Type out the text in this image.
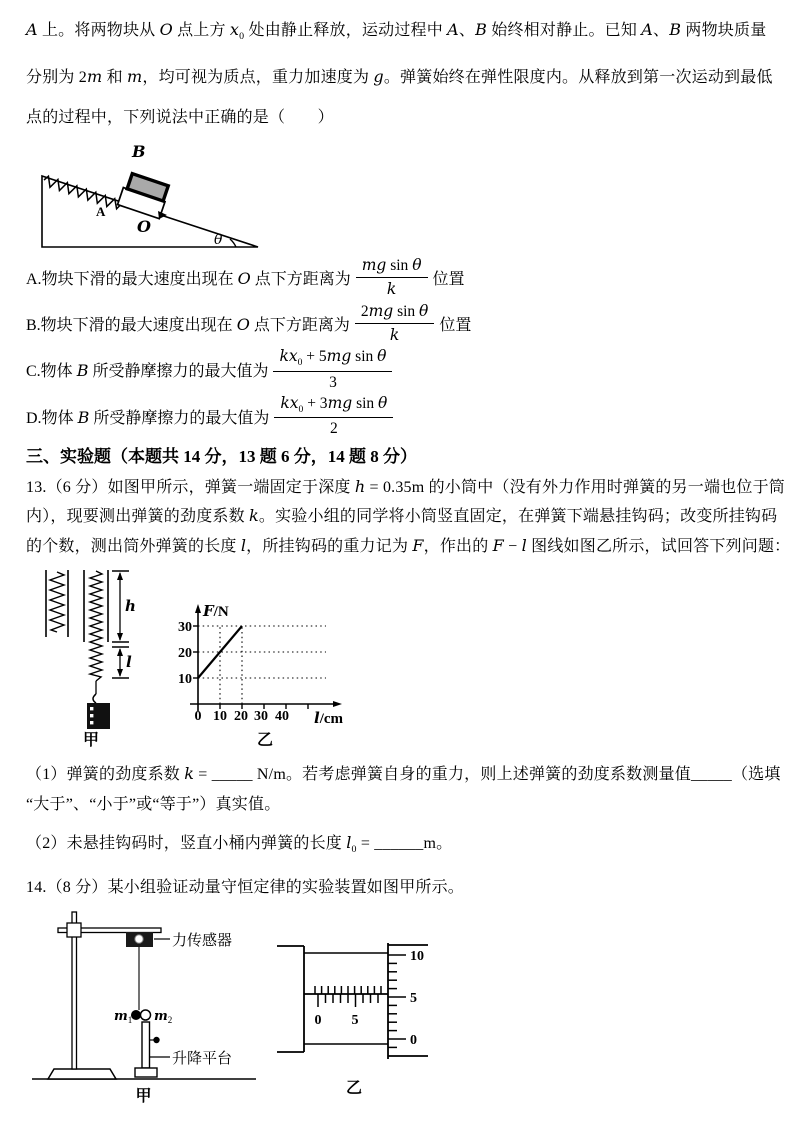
A 上。将两物块从 O 点上方 $x_0$ 处由静止释放，运动过程中 A、B 始终相对静止。已知 A、B 两物块质量
分别为 2m 和 m，均可视为质点，重力加速度为 g。弹簧始终在弹性限度内。从释放到第一次运动到最低
点的过程中，下列说法中正确的是（　　）
B
A
O
θ
A.物块下滑的最大速度出现在 O 点下方距离为 $\frac{\text{mg sin θ}}{k}$ 位置
B.物块下滑的最大速度出现在 O 点下方距离为 $\frac{\text{2mg sin θ}}{k}$ 位置
C.物体 B 所受静摩擦力的最大值为 $\frac{kx_0 + 5mg \sin \theta}{3}$
D.物体 B 所受静摩擦力的最大值为 $\frac{kx_0 + 3mg \sin \theta}{2}$
三、实验题（本题共 14 分，13 题 6 分，14 题 8 分）
13.（6 分）如图甲所示，弹簧一端固定于深度 h = 0.35m 的小筒中（没有外力作用时弹簧的另一端也位于筒
内），现要测出弹簧的劲度系数 k。实验小组的同学将小筒竖直固定，在弹簧下端悬挂钩码；改变所挂钩码
的个数，测出筒外弹簧的长度 l，所挂钩码的重力记为 F，作出的 F − l 图线如图乙所示，试回答下列问题：
h
l
甲
F/N
l/cm
30
20
10
0 10 20 30 40
乙
（1）弹簧的劲度系数 k = _____ N/m。若考虑弹簧自身的重力，则上述弹簧的劲度系数测量值_____（选填
“大于”、“小于”或“等于”）真实值。
（2）未悬挂钩码时，竖直小桶内弹簧的长度 $l_0$ = ______m。
14.（8 分）某小组验证动量守恒定律的实验装置如图甲所示。
力传感器
$m_1$ $m_2$
升降平台
甲
0 5
10
5
0
乙
